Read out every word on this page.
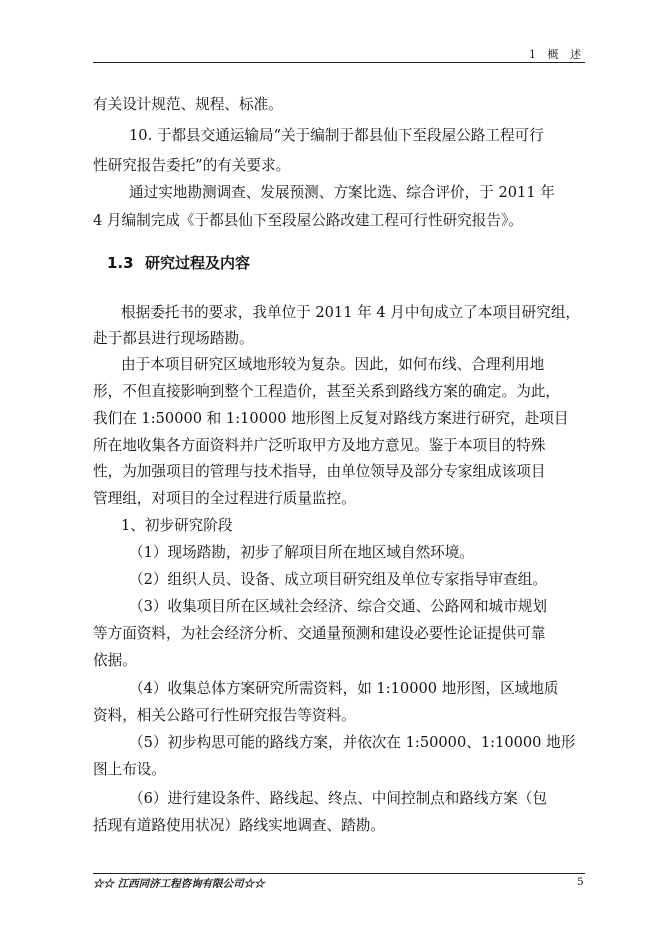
1 概 述
有关设计规范、规程、标准。
10. 于都县交通运输局“关于编制于都县仙下至段屋公路工程可行
性研究报告委托”的有关要求。
通过实地勘测调查、发展预测、方案比选、综合评价，于 2011 年
4 月编制完成《于都县仙下至段屋公路改建工程可行性研究报告》。
1.3 研究过程及内容
根据委托书的要求，我单位于 2011 年 4 月中旬成立了本项目研究组，
赴于都县进行现场踏勘。
由于本项目研究区域地形较为复杂。因此，如何布线、合理利用地
形，不但直接影响到整个工程造价，甚至关系到路线方案的确定。为此，
我们在 1:50000 和 1:10000 地形图上反复对路线方案进行研究，赴项目
所在地收集各方面资料并广泛听取甲方及地方意见。鉴于本项目的特殊
性，为加强项目的管理与技术指导，由单位领导及部分专家组成该项目
管理组，对项目的全过程进行质量监控。
1、初步研究阶段
（1）现场踏勘，初步了解项目所在地区域自然环境。
（2）组织人员、设备、成立项目研究组及单位专家指导审查组。
（3）收集项目所在区域社会经济、综合交通、公路网和城市规划
等方面资料，为社会经济分析、交通量预测和建设必要性论证提供可靠
依据。
（4）收集总体方案研究所需资料，如 1:10000 地形图，区域地质
资料，相关公路可行性研究报告等资料。
（5）初步构思可能的路线方案，并依次在 1:50000、1:10000 地形
图上布设。
（6）进行建设条件、路线起、终点、中间控制点和路线方案（包
括现有道路使用状况）路线实地调查、踏勘。
☆☆ 江西同济工程咨询有限公司☆☆	5
